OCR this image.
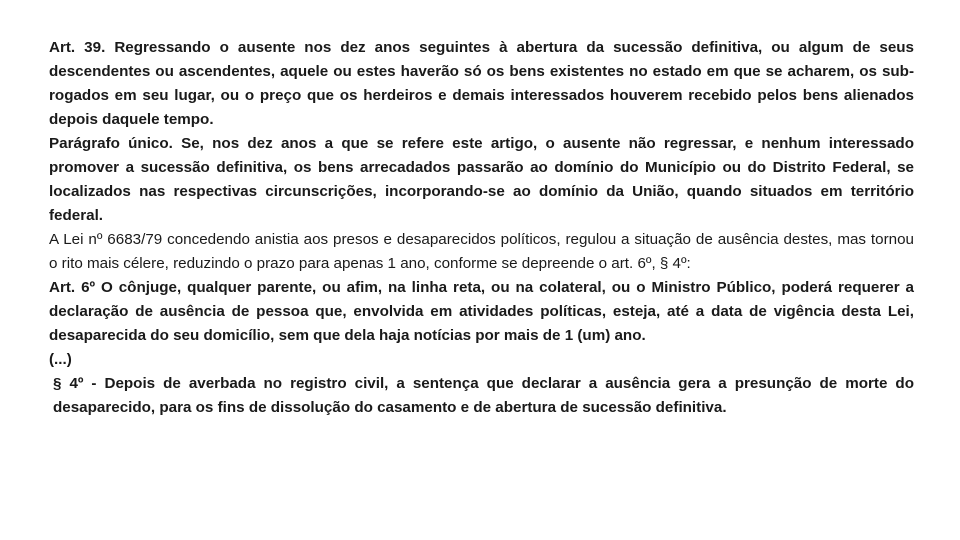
Art. 39. Regressando o ausente nos dez anos seguintes à abertura da sucessão definitiva, ou algum de seus descendentes ou ascendentes, aquele ou estes haverão só os bens existentes no estado em que se acharem, os sub-rogados em seu lugar, ou o preço que os herdeiros e demais interessados houverem recebido pelos bens alienados depois daquele tempo.

Parágrafo único. Se, nos dez anos a que se refere este artigo, o ausente não regressar, e nenhum interessado promover a sucessão definitiva, os bens arrecadados passarão ao domínio do Município ou do Distrito Federal, se localizados nas respectivas circunscrições, incorporando-se ao domínio da União, quando situados em território federal.

A Lei nº 6683/79 concedendo anistia aos presos e desaparecidos políticos, regulou a situação de ausência destes, mas tornou o rito mais célere, reduzindo o prazo para apenas 1 ano, conforme se depreende o art. 6º, § 4º:

Art. 6º O cônjuge, qualquer parente, ou afim, na linha reta, ou na colateral, ou o Ministro Público, poderá requerer a declaração de ausência de pessoa que, envolvida em atividades políticas, esteja, até a data de vigência desta Lei, desaparecida do seu domicílio, sem que dela haja notícias por mais de 1 (um) ano.

(...)

§ 4º - Depois de averbada no registro civil, a sentença que declarar a ausência gera a presunção de morte do desaparecido, para os fins de dissolução do casamento e de abertura de sucessão definitiva.
